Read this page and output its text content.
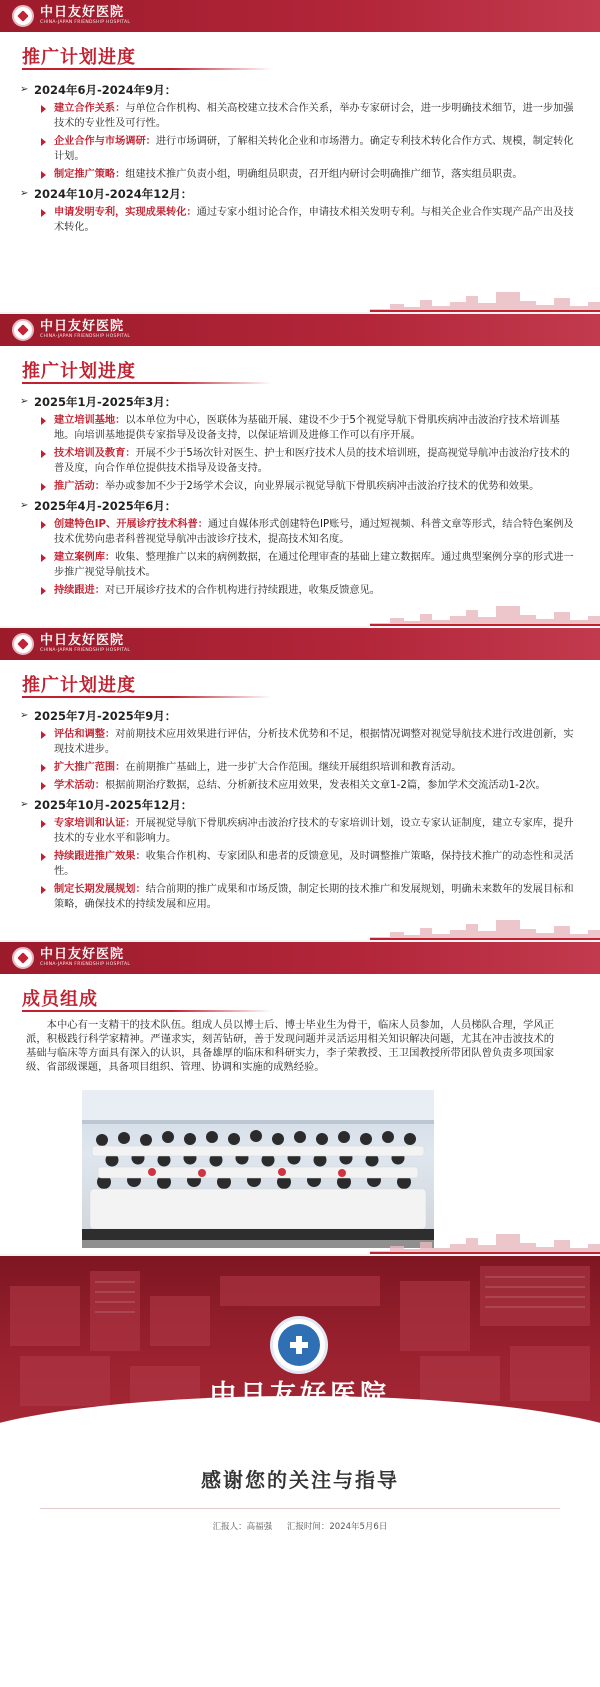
中日友好医院
CHINA-JAPAN FRIENDSHIP HOSPITAL
推广计划进度
➢ 2024年6月-2024年9月：
建立合作关系：与单位合作机构、相关高校建立技术合作关系，举办专家研讨会，进一步明确技术细节，进一步加强技术的专业性及可行性。
企业合作与市场调研：进行市场调研，了解相关转化企业和市场潜力。确定专利技术转化合作方式、规模，制定转化计划。
制定推广策略：组建技术推广负责小组，明确组员职责，召开组内研讨会明确推广细节，落实组员职责。
➢ 2024年10月-2024年12月：
申请发明专利，实现成果转化：通过专家小组讨论合作，申请技术相关发明专利。与相关企业合作实现产品产出及技术转化。
中日友好医院
CHINA-JAPAN FRIENDSHIP HOSPITAL
推广计划进度
➢ 2025年1月-2025年3月：
建立培训基地：以本单位为中心，医联体为基础开展、建设不少于5个视觉导航下骨肌疾病冲击波治疗技术培训基地。向培训基地提供专家指导及设备支持，以保证培训及进修工作可以有序开展。
技术培训及教育：开展不少于5场次针对医生、护士和医疗技术人员的技术培训班，提高视觉导航冲击波治疗技术的普及度，向合作单位提供技术指导及设备支持。
推广活动：举办或参加不少于2场学术会议，向业界展示视觉导航下骨肌疾病冲击波治疗技术的优势和效果。
➢ 2025年4月-2025年6月：
创建特色IP、开展诊疗技术科普：通过自媒体形式创建特色IP账号，通过短视频、科普文章等形式，结合特色案例及技术优势向患者科普视觉导航冲击波诊疗技术，提高技术知名度。
建立案例库：收集、整理推广以来的病例数据，在通过伦理审查的基础上建立数据库。通过典型案例分享的形式进一步推广视觉导航技术。
持续跟进：对已开展诊疗技术的合作机构进行持续跟进，收集反馈意见。
中日友好医院
CHINA-JAPAN FRIENDSHIP HOSPITAL
推广计划进度
➢ 2025年7月-2025年9月：
评估和调整：对前期技术应用效果进行评估，分析技术优势和不足，根据情况调整对视觉导航技术进行改进创新，实现技术进步。
扩大推广范围：在前期推广基础上，进一步扩大合作范围。继续开展组织培训和教育活动。
学术活动：根据前期治疗数据，总结、分析新技术应用效果，发表相关文章1-2篇，参加学术交流活动1-2次。
➢ 2025年10月-2025年12月：
专家培训和认证：开展视觉导航下骨肌疾病冲击波治疗技术的专家培训计划，设立专家认证制度，建立专家库，提升技术的专业水平和影响力。
持续跟进推广效果：收集合作机构、专家团队和患者的反馈意见，及时调整推广策略，保持技术推广的动态性和灵活性。
制定长期发展规划：结合前期的推广成果和市场反馈，制定长期的技术推广和发展规划，明确未来数年的发展目标和策略，确保技术的持续发展和应用。
中日友好医院
CHINA-JAPAN FRIENDSHIP HOSPITAL
成员组成
本中心有一支精干的技术队伍。组成人员以博士后、博士毕业生为骨干，临床人员参加，人员梯队合理，学风正派，积极践行科学家精神。严谨求实，刻苦钻研，善于发现问题并灵活运用相关知识解决问题，尤其在冲击波技术的基础与临床等方面具有深入的认识，具备雄厚的临床和科研实力，李子荣教授、王卫国教授所带团队曾负责多项国家级、省部级课题，具备项目组织、管理、协调和实施的成熟经验。
中日友好医院
CHINA-JAPAN FRIENDSHIP HOSPITAL
感谢您的关注与指导
汇报人：高福强 汇报时间：2024年5月6日
